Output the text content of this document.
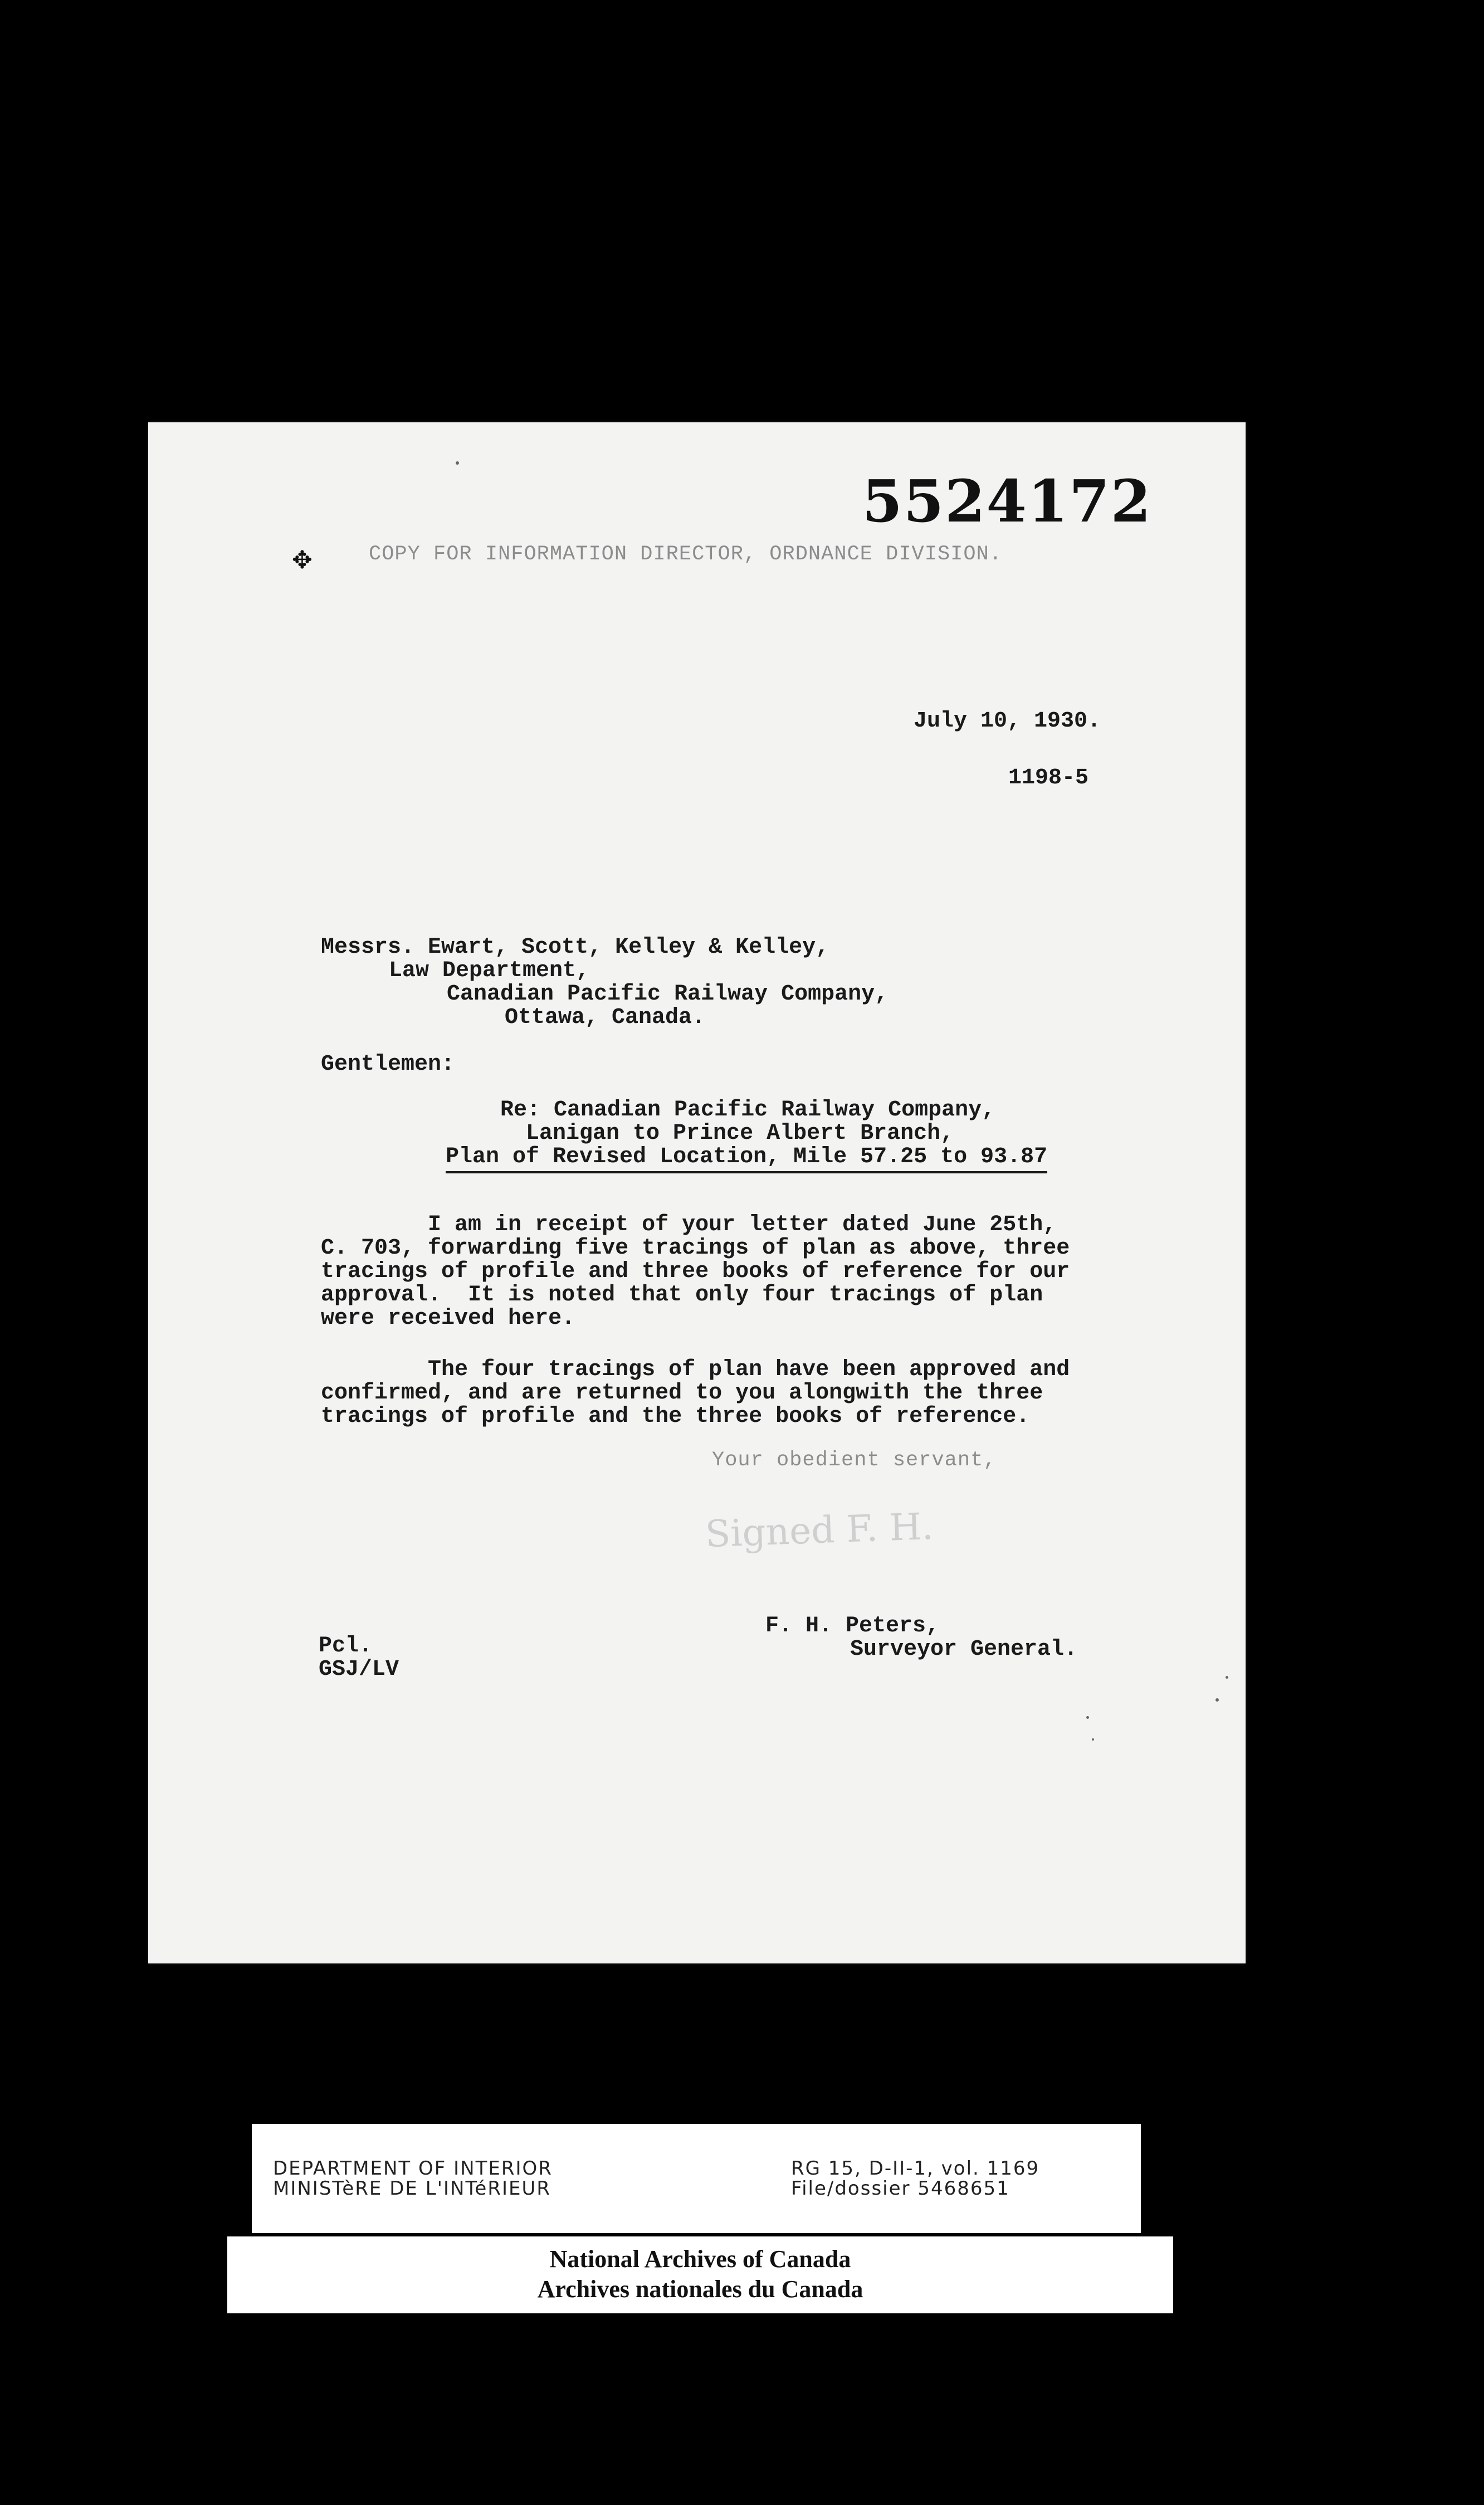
5524172
✥	COPY FOR INFORMATION DIRECTOR, ORDNANCE DIVISION.
July 10, 1930.
1198-5
Messrs. Ewart, Scott, Kelley & Kelley,
Law Department,
Canadian Pacific Railway Company,
Ottawa, Canada.
Gentlemen:
Re: Canadian Pacific Railway Company,
Lanigan to Prince Albert Branch,
Plan of Revised Location, Mile 57.25 to 93.87
I am in receipt of your letter dated June 25th,
C. 703, forwarding five tracings of plan as above, three
tracings of profile and three books of reference for our
approval.  It is noted that only four tracings of plan
were received here.
The four tracings of plan have been approved and
confirmed, and are returned to you alongwith the three
tracings of profile and the three books of reference.
Your obedient servant,
Signed F. H.
F. H. Peters,
Surveyor General.
Pcl.
GSJ/LV
DEPARTMENT OF INTERIOR
MINISTèRE DE L'INTéRIEUR
RG 15, D-II-1, vol. 1169
File/dossier 5468651
National Archives of Canada
Archives nationales du Canada
